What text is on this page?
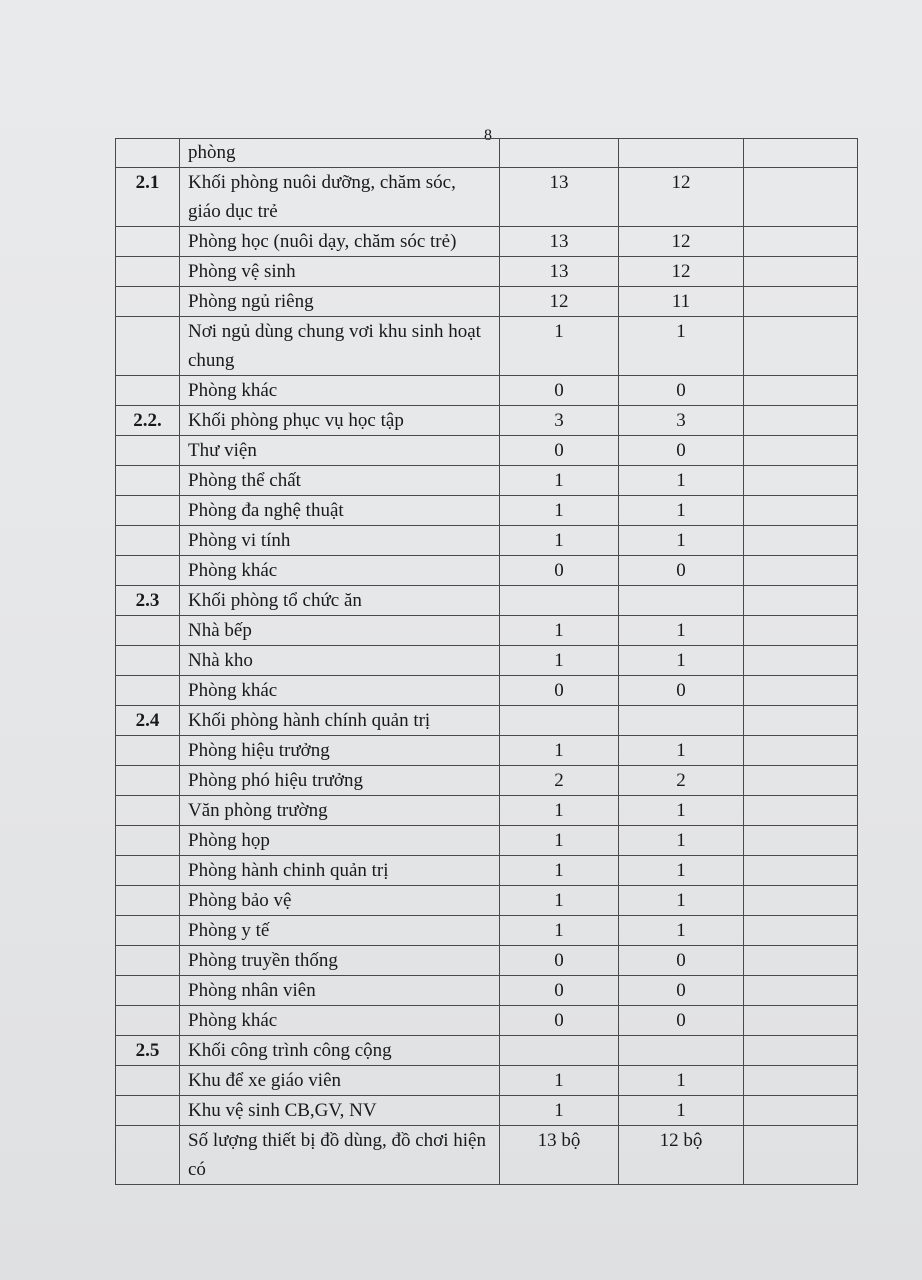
8
	phòng			
2.1	Khối phòng nuôi dưỡng, chăm sóc, giáo dục trẻ	13	12	
	Phòng học (nuôi dạy, chăm sóc trẻ)	13	12	
	Phòng vệ sinh	13	12	
	Phòng ngủ riêng	12	11	
	Nơi ngủ dùng chung vơi khu sinh hoạt chung	1	1	
	Phòng khác	0	0	
2.2.	Khối phòng phục vụ học tập	3	3	
	Thư viện	0	0	
	Phòng thể chất	1	1	
	Phòng đa nghệ thuật	1	1	
	Phòng vi tính	1	1	
	Phòng khác	0	0	
2.3	Khối phòng tổ chức ăn			
	Nhà bếp	1	1	
	Nhà kho	1	1	
	Phòng khác	0	0	
2.4	Khối phòng hành chính quản trị			
	Phòng hiệu trưởng	1	1	
	Phòng phó hiệu trưởng	2	2	
	Văn phòng trường	1	1	
	Phòng họp	1	1	
	Phòng hành chinh quản trị	1	1	
	Phòng bảo vệ	1	1	
	Phòng y tế	1	1	
	Phòng truyền thống	0	0	
	Phòng nhân viên	0	0	
	Phòng khác	0	0	
2.5	Khối công trình công cộng			
	Khu để xe giáo viên	1	1	
	Khu vệ sinh CB,GV, NV	1	1	
	Số lượng thiết bị đồ dùng, đồ chơi hiện có	13 bộ	12 bộ	
